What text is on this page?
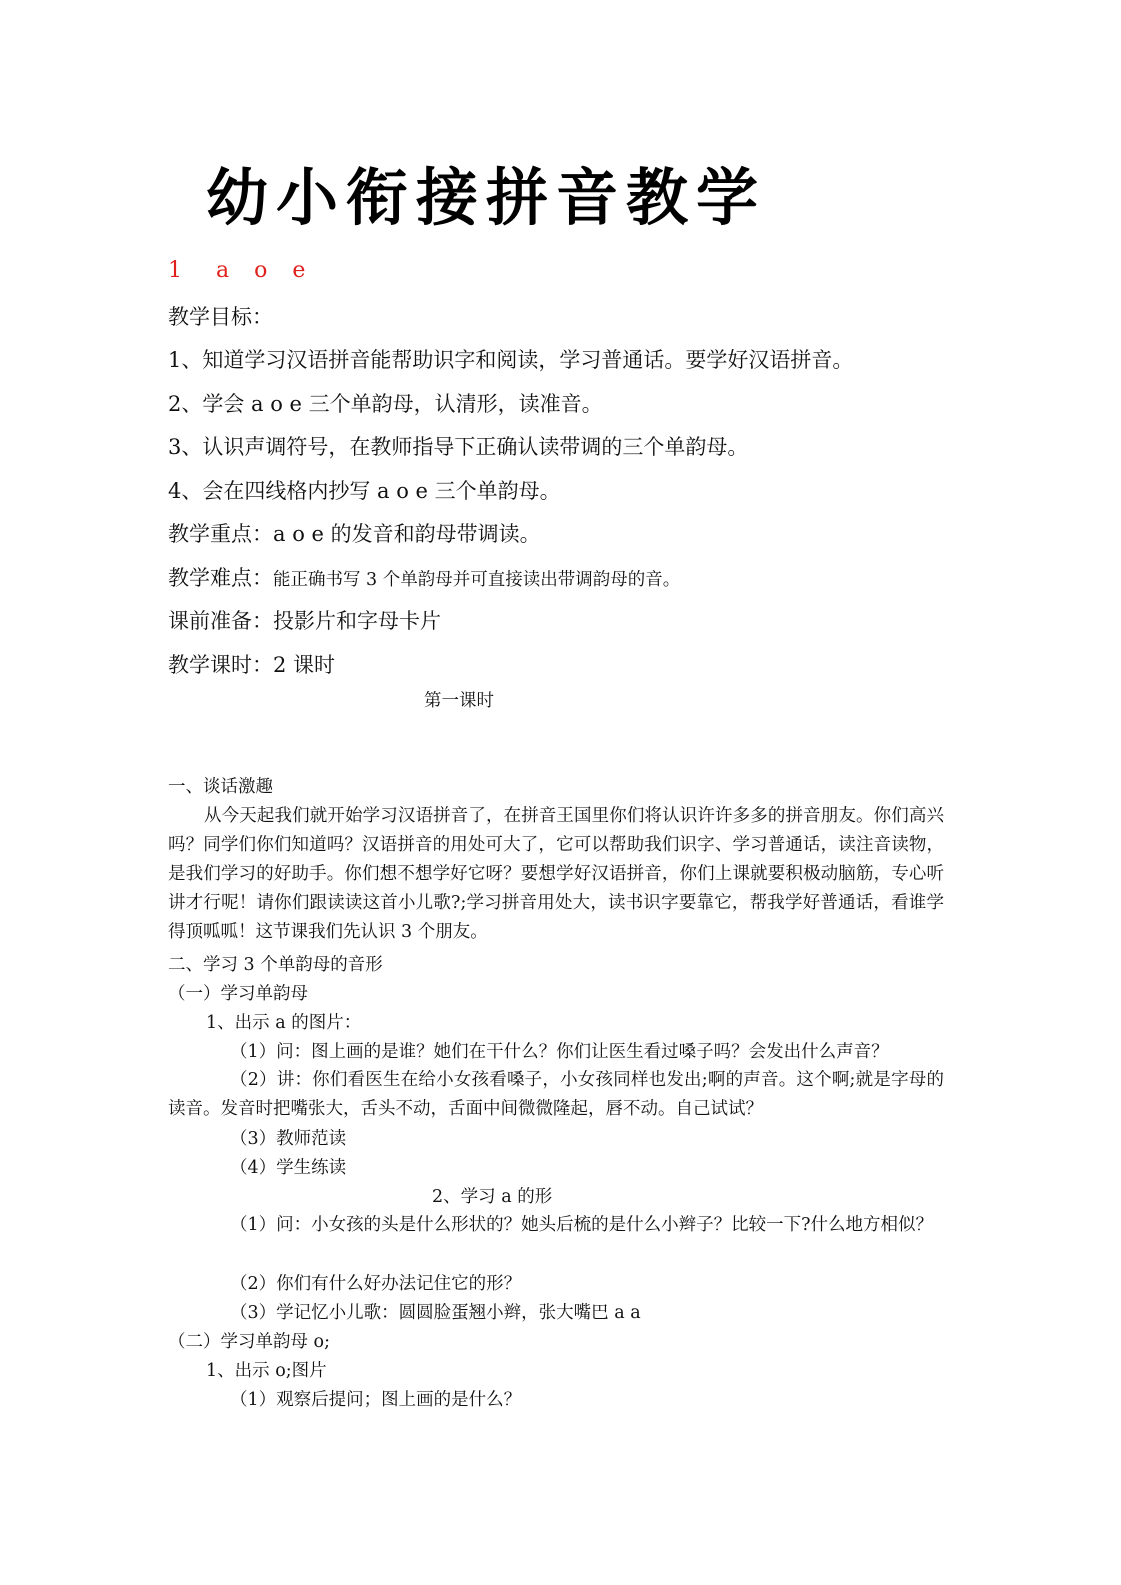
幼小衔接拼音教学
1 a o e
教学目标：
1、知道学习汉语拼音能帮助识字和阅读，学习普通话。要学好汉语拼音。
2、学会 a o e 三个单韵母，认清形，读准音。
3、认识声调符号，在教师指导下正确认读带调的三个单韵母。
4、会在四线格内抄写 a o e 三个单韵母。
教学重点：a o e 的发音和韵母带调读。
教学难点：能正确书写 3 个单韵母并可直接读出带调韵母的音。
课前准备：投影片和字母卡片
教学课时：2 课时
第一课时
一、谈话激趣
从今天起我们就开始学习汉语拼音了，在拼音王国里你们将认识许许多多的拼音朋友。你们高兴吗？同学们你们知道吗？汉语拼音的用处可大了，它可以帮助我们识字、学习普通话，读注音读物，是我们学习的好助手。你们想不想学好它呀？要想学好汉语拼音，你们上课就要积极动脑筋，专心听讲才行呢！请你们跟读读这首小儿歌?;学习拼音用处大，读书识字要靠它，帮我学好普通话，看谁学得顶呱呱！这节课我们先认识 3 个朋友。
二、学习 3 个单韵母的音形
（一）学习单韵母
1、出示 a 的图片：
（1）问：图上画的是谁？她们在干什么？你们让医生看过嗓子吗？会发出什么声音？
（2）讲：你们看医生在给小女孩看嗓子，小女孩同样也发出;啊的声音。这个啊;就是字母的读音。发音时把嘴张大，舌头不动，舌面中间微微隆起，唇不动。自己试试？
（3）教师范读
（4）学生练读
2、学习 a 的形
（1）问：小女孩的头是什么形状的？她头后梳的是什么小辫子？比较一下?什么地方相似？
（2）你们有什么好办法记住它的形？
（3）学记忆小儿歌：圆圆脸蛋翘小辫，张大嘴巴 a a
（二）学习单韵母 o;
1、出示 o;图片
（1）观察后提问；图上画的是什么？
